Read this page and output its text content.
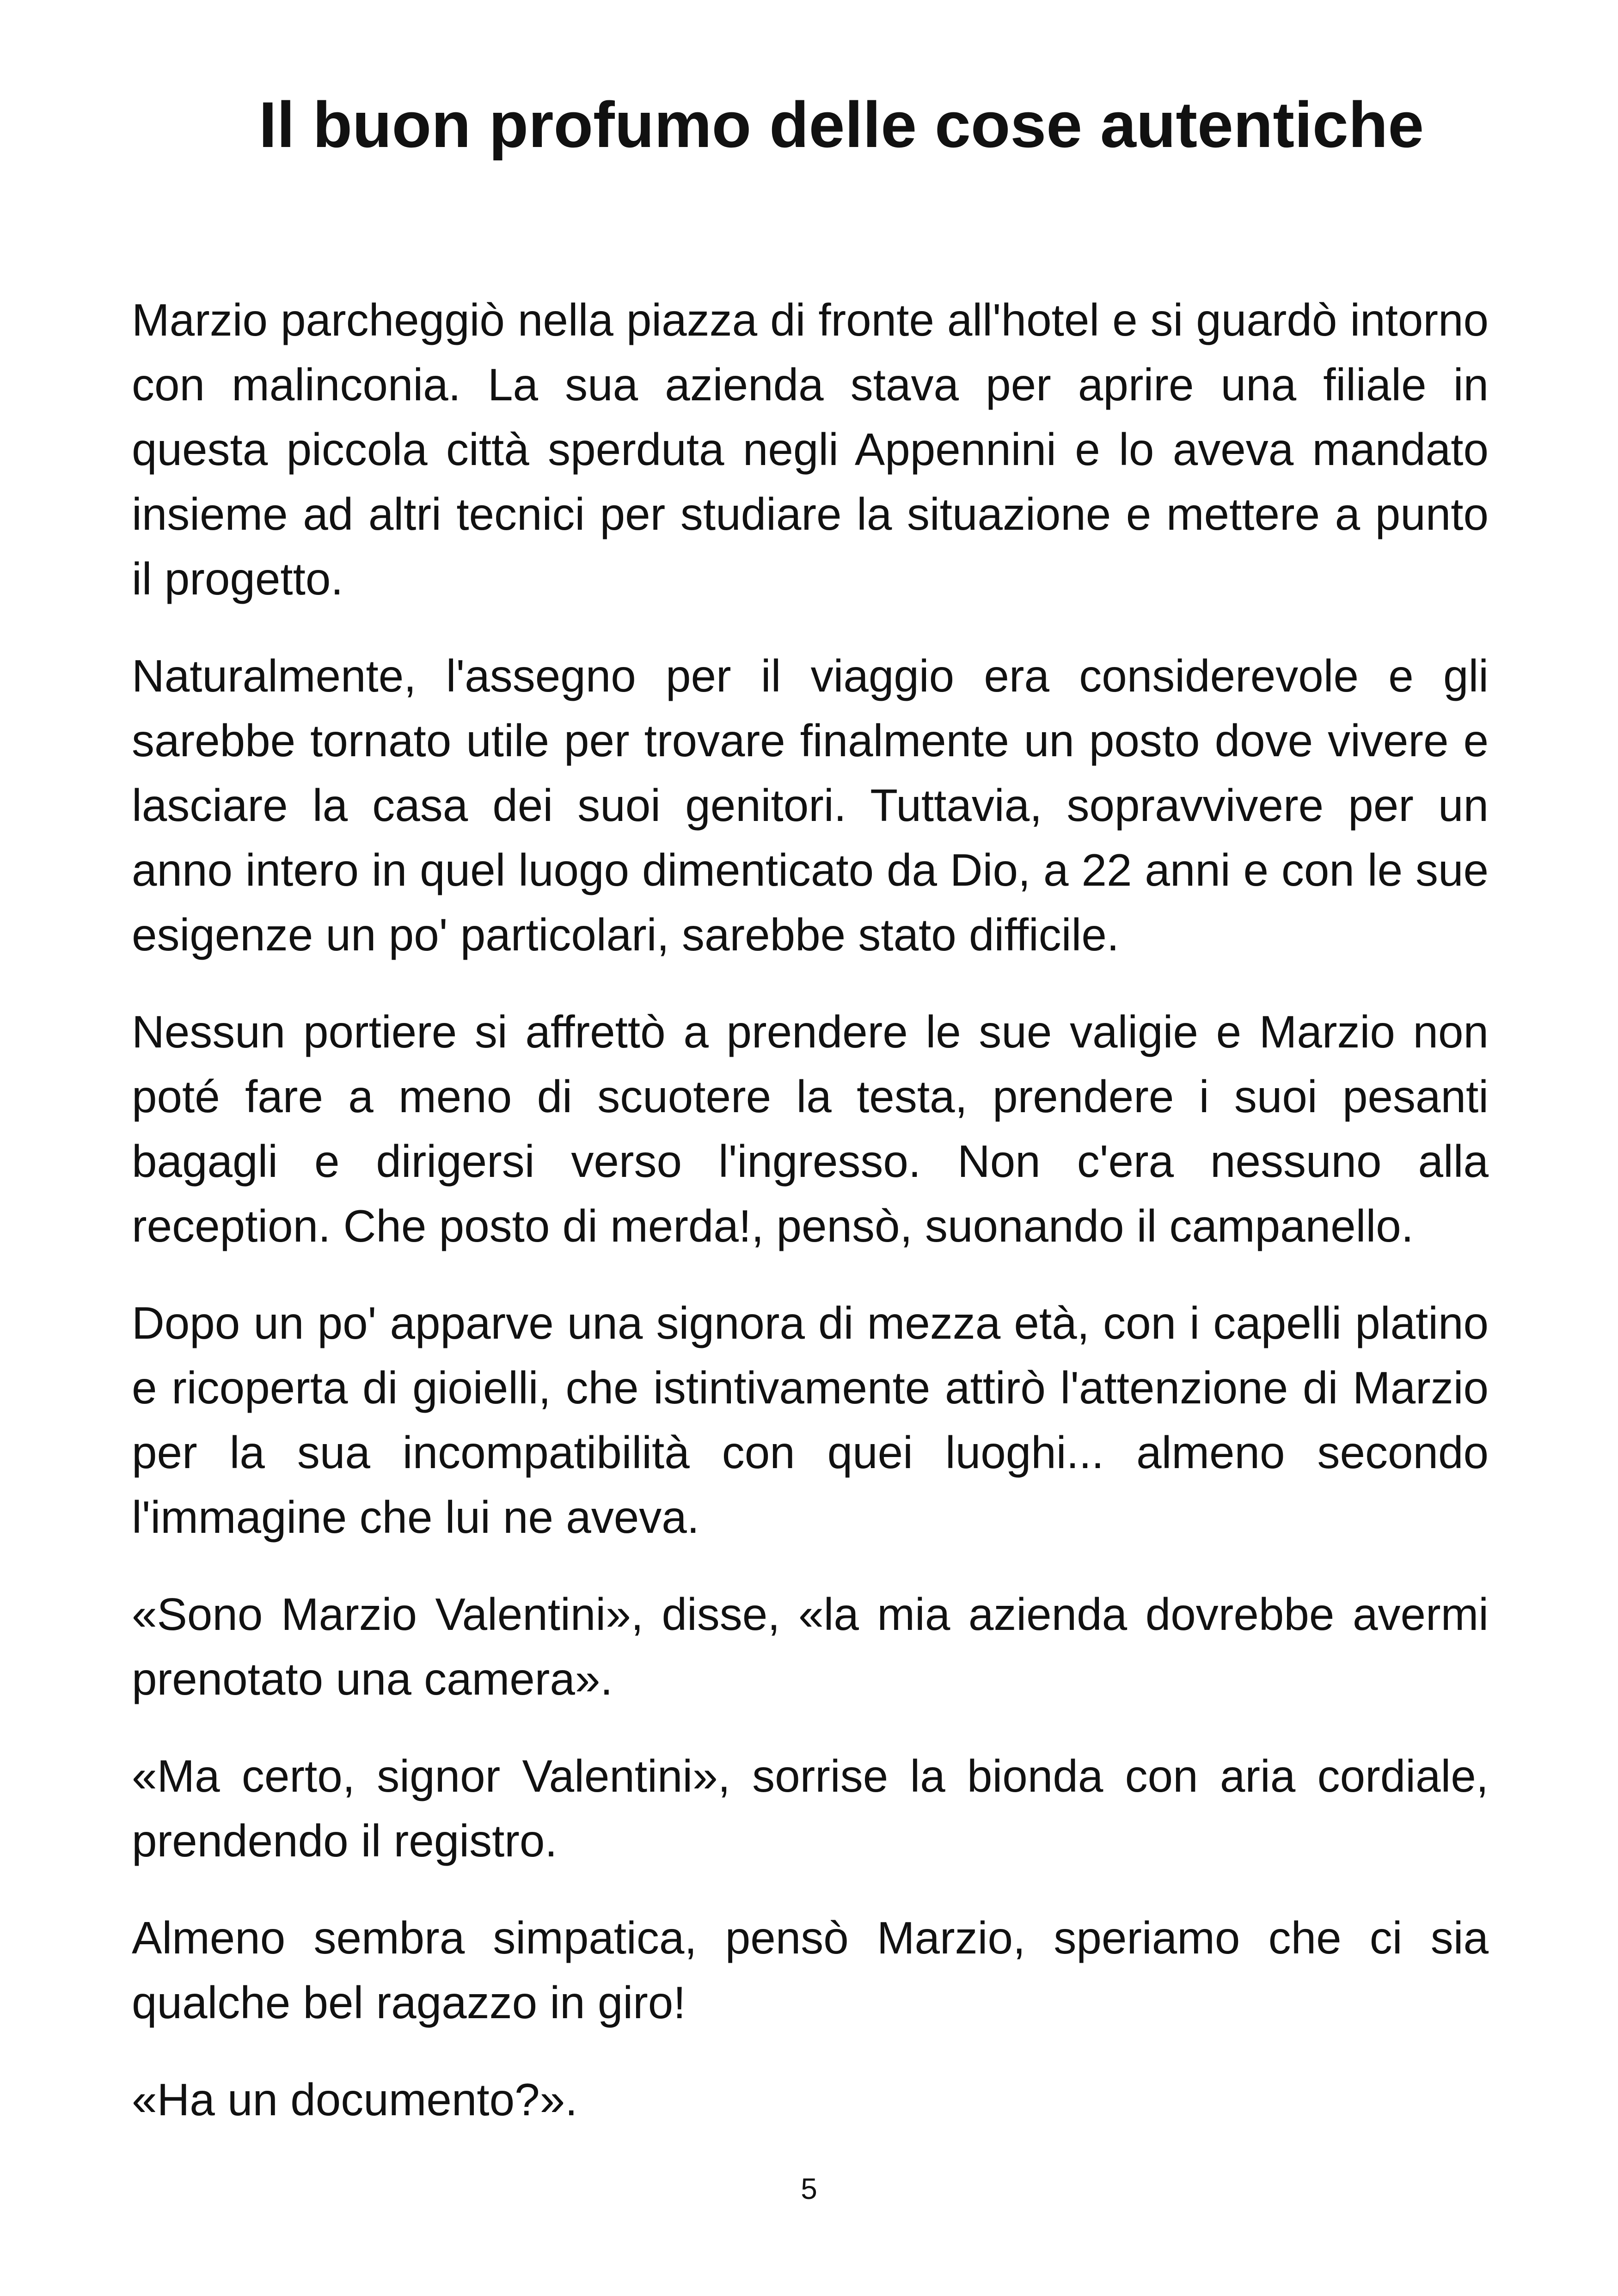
Il buon profumo delle cose autentiche

Marzio parcheggiò nella piazza di fronte all'hotel e si guardò intorno con malinconia. La sua azienda stava per aprire una filiale in questa piccola città sperduta negli Appennini e lo aveva mandato insieme ad altri tecnici per studiare la situazione e mettere a punto il progetto.

Naturalmente, l'assegno per il viaggio era considerevole e gli sarebbe tornato utile per trovare finalmente un posto dove vivere e lasciare la casa dei suoi genitori. Tuttavia, sopravvivere per un anno intero in quel luogo dimenticato da Dio, a 22 anni e con le sue esigenze un po' particolari, sarebbe stato difficile.

Nessun portiere si affrettò a prendere le sue valigie e Marzio non poté fare a meno di scuotere la testa, prendere i suoi pesanti bagagli e dirigersi verso l'ingresso. Non c'era nessuno alla reception. Che posto di merda!, pensò, suonando il campanello.

Dopo un po' apparve una signora di mezza età, con i capelli platino e ricoperta di gioielli, che istintivamente attirò l'attenzione di Marzio per la sua incompatibilità con quei luoghi... almeno secondo l'immagine che lui ne aveva.

«Sono Marzio Valentini», disse, «la mia azienda dovrebbe avermi prenotato una camera».

«Ma certo, signor Valentini», sorrise la bionda con aria cordiale, prendendo il registro.

Almeno sembra simpatica, pensò Marzio, speriamo che ci sia qualche bel ragazzo in giro!

«Ha un documento?».

5
